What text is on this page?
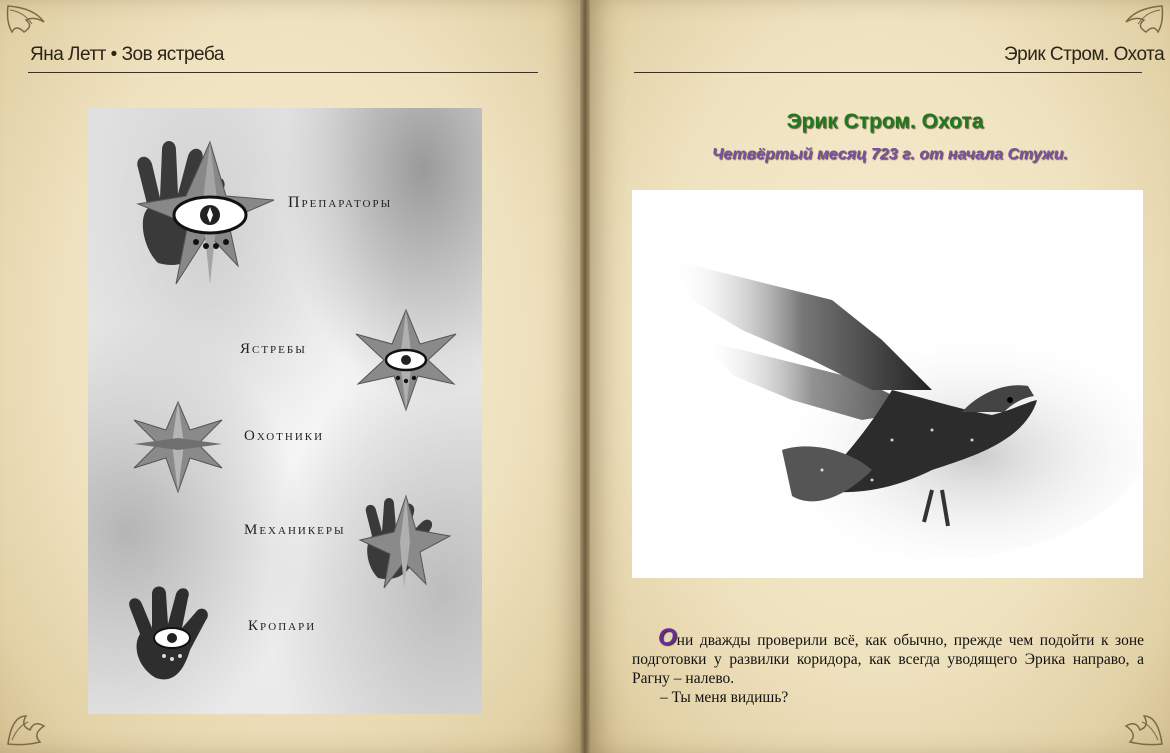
Яна Летт • Зов ястреба
Препараторы
Ястребы
Охотники
Механикеры
Кропари
Эрик Стром. Охота
Эрик Стром. Охота
Четвёртый месяц 723 г. от начала Стужи.

Они дважды проверили всё, как обычно, прежде чем подойти к зоне подготовки у развилки коридора, как всегда уводящего Эрика направо, а Рагну – налево.

– Ты меня видишь?
